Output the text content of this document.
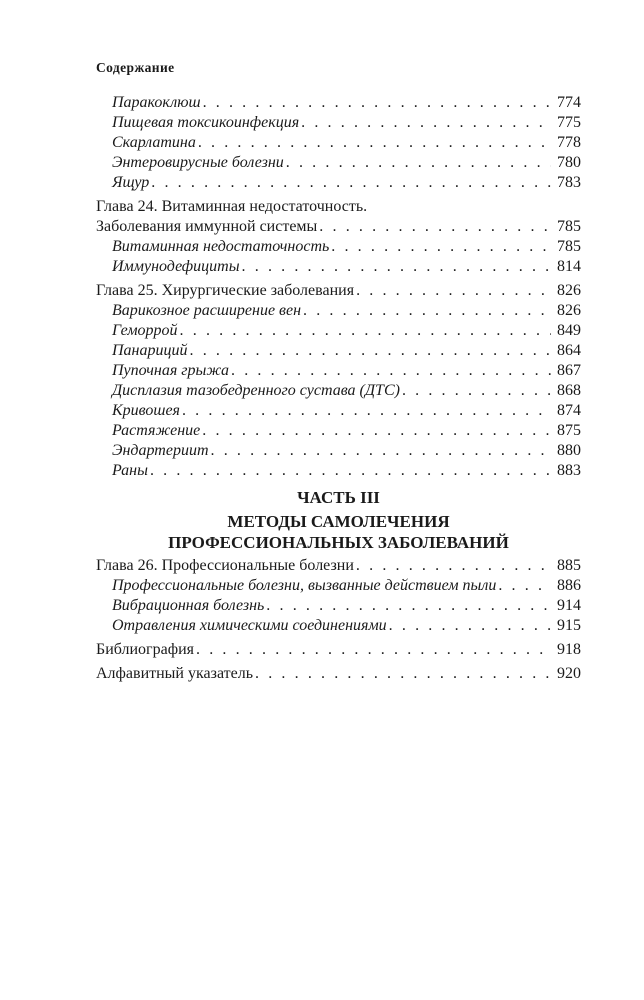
Содержание
Паракоклюш . . .	774
Пищевая токсикоинфекция . . .	775
Скарлатина . . .	778
Энтеровирусные болезни . . .	780
Ящур . . .	783
Глава 24. Витаминная недостаточность.
Заболевания иммунной системы . . .	785
Витаминная недостаточность . . .	785
Иммунодефициты . . .	814
Глава 25. Хирургические заболевания . . .	826
Варикозное расширение вен . . .	826
Геморрой . . .	849
Панариций . . .	864
Пупочная грыжа . . .	867
Дисплазия тазобедренного сустава (ДТС) . . .	868
Кривошея . . .	874
Растяжение . . .	875
Эндартериит . . .	880
Раны . . .	883
ЧАСТЬ III
МЕТОДЫ САМОЛЕЧЕНИЯ
ПРОФЕССИОНАЛЬНЫХ ЗАБОЛЕВАНИЙ
Глава 26. Профессиональные болезни . . .	885
Профессиональные болезни, вызванные действием пыли . . .	886
Вибрационная болезнь . . .	914
Отравления химическими соединениями . . .	915
Библиография . . .	918
Алфавитный указатель . . .	920
